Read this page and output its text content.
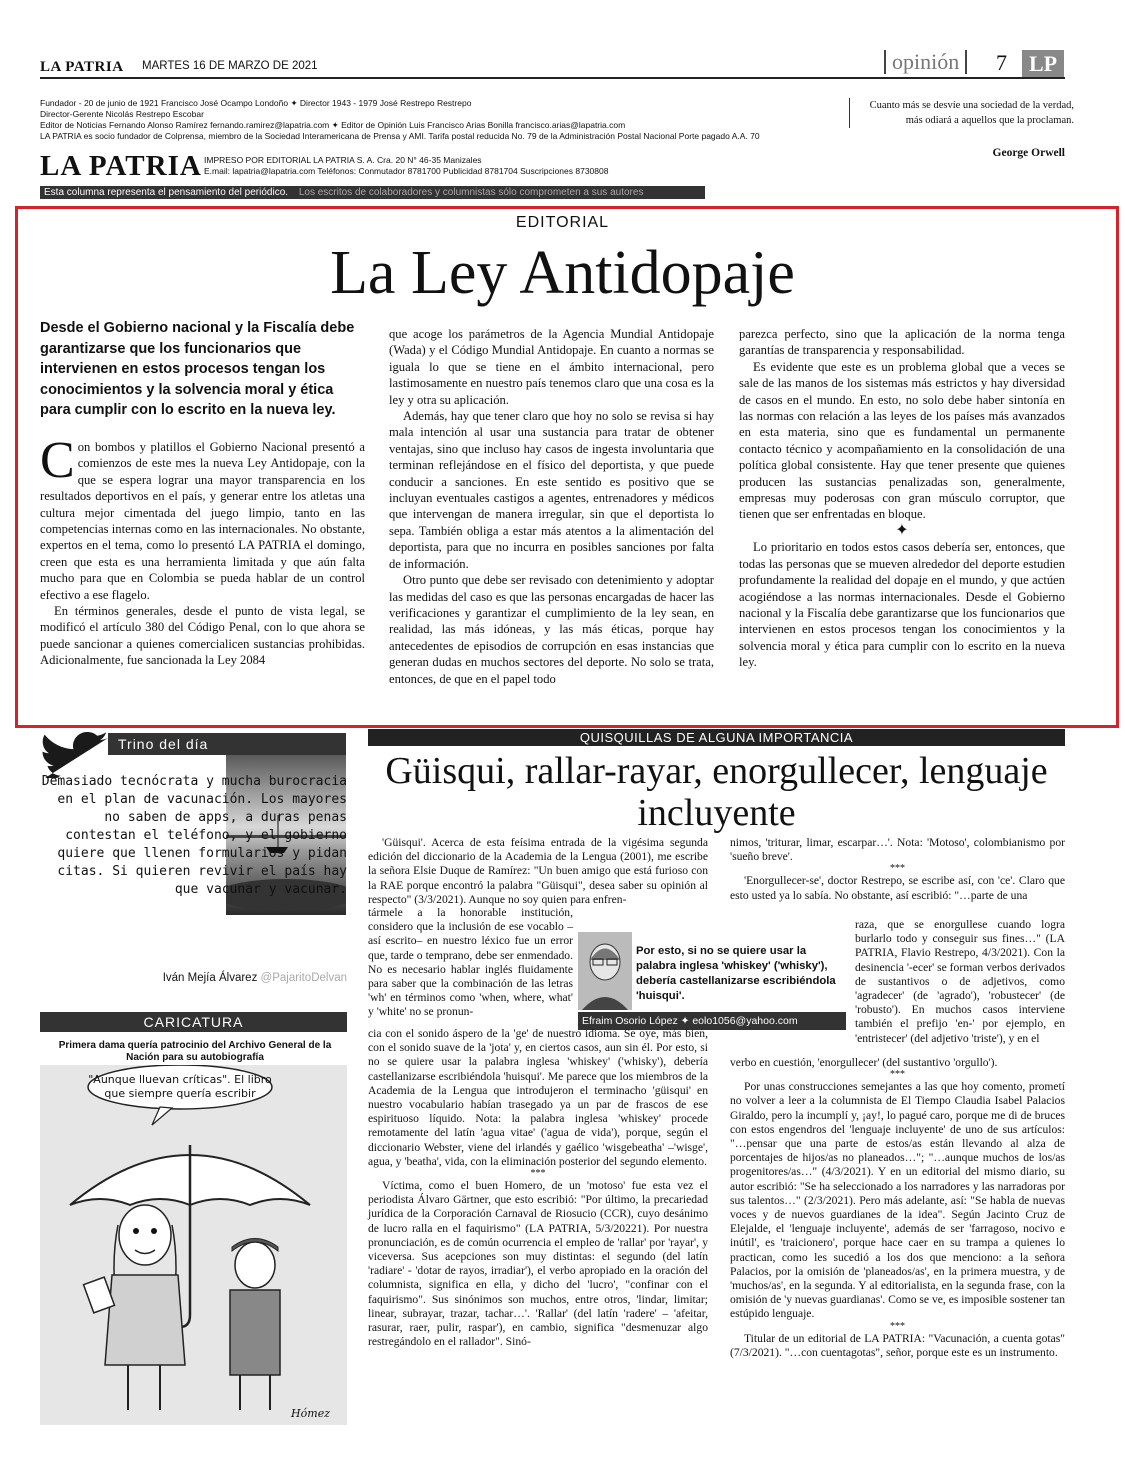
LA PATRIA MARTES 16 DE MARZO DE 2021	opinión	7 LP
Fundador - 20 de junio de 1921 Francisco José Ocampo Londoño ✦ Director 1943 - 1979 José Restrepo Restrepo
Director-Gerente Nicolás Restrepo Escobar
Editor de Noticias Fernando Alonso Ramírez fernando.ramirez@lapatria.com ✦ Editor de Opinión Luis Francisco Arias Bonilla francisco.arias@lapatria.com
LA PATRIA es socio fundador de Colprensa, miembro de la Sociedad Interamericana de Prensa y AMI. Tarifa postal reducida No. 79 de la Administración Postal Nacional Porte pagado A.A. 70
Cuanto más se desvíe una sociedad de la verdad, más odiará a aquellos que la proclaman.
George Orwell
LA PATRIA IMPRESO POR EDITORIAL LA PATRIA S. A. Cra. 20 N° 46-35 Manizales
E.mail: lapatria@lapatria.com Teléfonos: Conmutador 8781700 Publicidad 8781704 Suscripciones 8730808
Esta columna representa el pensamiento del periódico. Los escritos de colaboradores y columnistas sólo comprometen a sus autores
EDITORIAL
La Ley Antidopaje
Desde el Gobierno nacional y la Fiscalía debe garantizarse que los funcionarios que intervienen en estos procesos tengan los conocimientos y la solvencia moral y ética para cumplir con lo escrito en la nueva ley.

Con bombos y platillos el Gobierno Nacional presentó a comienzos de este mes la nueva Ley Antidopaje, con la que se espera lograr una mayor transparencia en los resultados deportivos en el país, y generar entre los atletas una cultura mejor cimentada del juego limpio, tanto en las competencias internas como en las internacionales. No obstante, expertos en el tema, como lo presentó LA PATRIA el domingo, creen que esta es una herramienta limitada y que aún falta mucho para que en Colombia se pueda hablar de un control efectivo a ese flagelo.

En términos generales, desde el punto de vista legal, se modificó el artículo 380 del Código Penal, con lo que ahora se puede sancionar a quienes comercialicen sustancias prohibidas. Adicionalmente, fue sancionada la Ley 2084

que acoge los parámetros de la Agencia Mundial Antidopaje (Wada) y el Código Mundial Antidopaje. En cuanto a normas se iguala lo que se tiene en el ámbito internacional, pero lastimosamente en nuestro país tenemos claro que una cosa es la ley y otra su aplicación.

Además, hay que tener claro que hoy no solo se revisa si hay mala intención al usar una sustancia para tratar de obtener ventajas, sino que incluso hay casos de ingesta involuntaria que terminan reflejándose en el físico del deportista, y que puede conducir a sanciones. En este sentido es positivo que se incluyan eventuales castigos a agentes, entrenadores y médicos que intervengan de manera irregular, sin que el deportista lo sepa. También obliga a estar más atentos a la alimentación del deportista, para que no incurra en posibles sanciones por falta de información.

Otro punto que debe ser revisado con detenimiento y adoptar las medidas del caso es que las personas encargadas de hacer las verificaciones y garantizar el cumplimiento de la ley sean, en realidad, las más idóneas, y las más éticas, porque hay antecedentes de episodios de corrupción en esas instancias que generan dudas en muchos sectores del deporte. No solo se trata, entonces, de que en el papel todo

parezca perfecto, sino que la aplicación de la norma tenga garantías de transparencia y responsabilidad.

Es evidente que este es un problema global que a veces se sale de las manos de los sistemas más estrictos y hay diversidad de casos en el mundo. En esto, no solo debe haber sintonía en las normas con relación a las leyes de los países más avanzados en esta materia, sino que es fundamental un permanente contacto técnico y acompañamiento en la consolidación de una política global consistente. Hay que tener presente que quienes producen las sustancias penalizadas son, generalmente, empresas muy poderosas con gran músculo corruptor, que tienen que ser enfrentadas en bloque.

✦

Lo prioritario en todos estos casos debería ser, entonces, que todas las personas que se mueven alrededor del deporte estudien profundamente la realidad del dopaje en el mundo, y que actúen acogiéndose a las normas internacionales. Desde el Gobierno nacional y la Fiscalía debe garantizarse que los funcionarios que intervienen en estos procesos tengan los conocimientos y la solvencia moral y ética para cumplir con lo escrito en la nueva ley.

Trino del día
Demasiado tecnócrata y mucha burocracia en el plan de vacunación. Los mayores no saben de apps, a duras penas contestan el teléfono, y el gobierno quiere que llenen formularios y pidan citas. Si quieren revivir el país hay que vacunar y vacunar.
Iván Mejía Álvarez @PajaritoDelvan
CARICATURA
Primera dama quería patrocinio del Archivo General de la Nación para su autobiografía
"Aunque lluevan críticas". El libro
que siempre quería escribir
Hómez
QUISQUILLAS DE ALGUNA IMPORTANCIA
Güisqui, rallar-rayar, enorgullecer, lenguaje incluyente

'Güisqui'. Acerca de esta feísima entrada de la vigésima segunda edición del diccionario de la Academia de la Lengua (2001), me escribe la señora Elsie Duque de Ramírez: "Un buen amigo que está furioso con la RAE porque encontró la palabra "Güisqui", desea saber su opinión al respecto" (3/3/2021). Aunque no soy quien para enfren-

tármele a la honorable institución, considero que la inclusión de ese vocablo –así escrito– en nuestro léxico fue un error que, tarde o temprano, debe ser enmendado. No es necesario hablar inglés fluidamente para saber que la combinación de las letras 'wh' en términos como 'when, where, what' y 'white' no se pronun-

Por esto, si no se quiere usar la palabra inglesa 'whiskey' ('whisky'), debería castellanizarse escribiéndola 'huisqui'.
Efraim Osorio López ✦ eolo1056@yahoo.com

cia con el sonido áspero de la 'ge' de nuestro idioma. Se oye, más bien, con el sonido suave de la 'jota' y, en ciertos casos, aun sin él. Por esto, si no se quiere usar la palabra inglesa 'whiskey' ('whisky'), debería castellanizarse escribiéndola 'huisqui'. Me parece que los miembros de la Academia de la Lengua que introdujeron el terminacho 'güisqui' en nuestro vocabulario habían trasegado ya un par de frascos de ese espirituoso líquido. Nota: la palabra inglesa 'whiskey' procede remotamente del latín 'agua vitae' ('agua de vida'), porque, según el diccionario Webster, viene del irlandés y gaélico 'wisgebeatha' –'wisge', agua, y 'beatha', vida, con la eliminación posterior del segundo elemento.

***

Víctima, como el buen Homero, de un 'motoso' fue esta vez el periodista Álvaro Gärtner, que esto escribió: "Por último, la precariedad jurídica de la Corporación Carnaval de Riosucio (CCR), cuyo desánimo de lucro ralla en el faquirismo" (LA PATRIA, 5/3/20221). Por nuestra pronunciación, es de común ocurrencia el empleo de 'rallar' por 'rayar', y viceversa. Sus acepciones son muy distintas: el segundo (del latín 'radiare' - 'dotar de rayos, irradiar'), el verbo apropiado en la oración del columnista, significa en ella, y dicho del 'lucro', "confinar con el faquirismo". Sus sinónimos son muchos, entre otros, 'lindar, limitar; linear, subrayar, trazar, tachar…'. 'Rallar' (del latín 'radere' – 'afeitar, rasurar, raer, pulir, raspar'), en cambio, significa "desmenuzar algo restregándolo en el rallador". Sinó-

nimos, 'triturar, limar, escarpar…'. Nota: 'Motoso', colombianismo por 'sueño breve'.

***

'Enorgullecer-se', doctor Restrepo, se escribe así, con 'ce'. Claro que esto usted ya lo sabía. No obstante, así escribió: "…parte de una

raza, que se enorgullese cuando logra burlarlo todo y conseguir sus fines…" (LA PATRIA, Flavio Restrepo, 4/3/2021). Con la desinencia '-ecer' se forman verbos derivados de sustantivos o de adjetivos, como 'agradecer' (de 'agrado'), 'robustecer' (de 'robusto'). En muchos casos interviene también el prefijo 'en-' por ejemplo, en 'entristecer' (del adjetivo 'triste'), y en el

verbo en cuestión, 'enorgullecer' (del sustantivo 'orgullo').

***

Por unas construcciones semejantes a las que hoy comento, prometí no volver a leer a la columnista de El Tiempo Claudia Isabel Palacios Giraldo, pero la incumplí y, ¡ay!, lo pagué caro, porque me di de bruces con estos engendros del 'lenguaje incluyente' de uno de sus artículos: "…pensar que una parte de estos/as están llevando al alza de porcentajes de hijos/as no planeados…"; "…aunque muchos de los/as progenitores/as…" (4/3/2021). Y en un editorial del mismo diario, su autor escribió: "Se ha seleccionado a los narradores y las narradoras por sus talentos…" (2/3/2021). Pero más adelante, así: "Se habla de nuevas voces y de nuevos guardianes de la idea". Según Jacinto Cruz de Elejalde, el 'lenguaje incluyente', además de ser 'farragoso, nocivo e inútil', es 'traicionero', porque hace caer en su trampa a quienes lo practican, como les sucedió a los dos que menciono: a la señora Palacios, por la omisión de 'planeados/as', en la primera muestra, y de 'muchos/as', en la segunda. Y al editorialista, en la segunda frase, con la omisión de 'y nuevas guardianas'. Como se ve, es imposible sostener tan estúpido lenguaje.

***

Titular de un editorial de LA PATRIA: "Vacunación, a cuenta gotas" (7/3/2021). "…con cuentagotas", señor, porque este es un instrumento.
